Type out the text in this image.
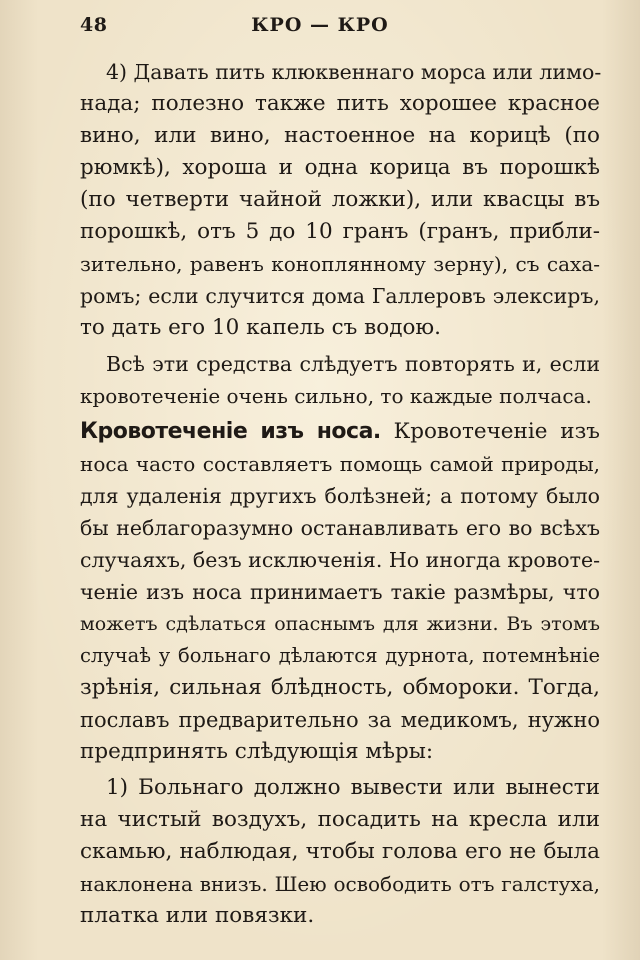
48	КРО — КРО
4) Давать пить клюквеннаго морса или лимо-
нада; полезно также пить хорошее красное
вино, или вино, настоенное на корицѣ (по
рюмкѣ), хороша и одна корица въ порошкѣ
(по четверти чайной ложки), или квасцы въ
порошкѣ, отъ 5 до 10 гранъ (гранъ, прибли-
зительно, равенъ коноплянному зерну), съ саха-
ромъ; если случится дома Галлеровъ элексиръ,
то дать его 10 капель съ водою.
Всѣ эти средства слѣдуетъ повторять и, если
кровотеченіе очень сильно, то каждые полчаса.
Кровотеченіе изъ носа. Кровотеченіе изъ
носа часто составляетъ помощь самой природы,
для удаленія другихъ болѣзней; а потому было
бы неблагоразумно останавливать его во всѣхъ
случаяхъ, безъ исключенія. Но иногда кровоте-
ченіе изъ носа принимаетъ такіе размѣры, что
можетъ сдѣлаться опаснымъ для жизни. Въ этомъ
случаѣ у больнаго дѣлаются дурнота, потемнѣніе
зрѣнія, сильная блѣдность, обмороки. Тогда,
пославъ предварительно за медикомъ, нужно
предпринять слѣдующія мѣры:
1) Больнаго должно вывести или вынести
на чистый воздухъ, посадить на кресла или
скамью, наблюдая, чтобы голова его не была
наклонена внизъ. Шею освободить отъ галстуха,
платка или повязки.
